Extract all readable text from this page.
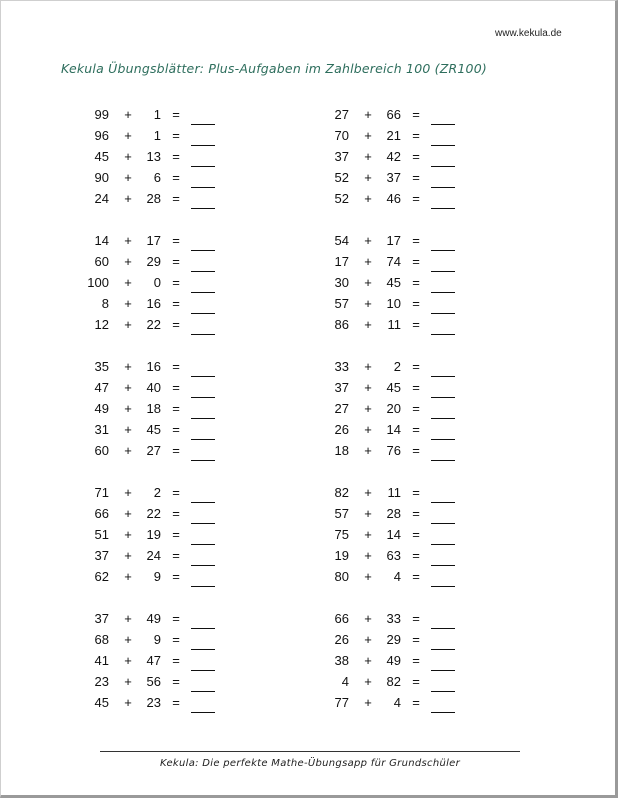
www.kekula.de
Kekula Übungsblätter: Plus-Aufgaben im Zahlbereich 100 (ZR100)
99 +	1 =
96 +	1 =
45 +	13 =
90 +	6 =
24 +	28 =
14 +	17 =
60 +	29 =
100 +	0 =
8 +	16 =
12 +	22 =
35 +	16 =
47 +	40 =
49 +	18 =
31 +	45 =
60 +	27 =
71 +	2 =
66 +	22 =
51 +	19 =
37 +	24 =
62 +	9 =
37 +	49 =
68 +	9 =
41 +	47 =
23 +	56 =
45 +	23 =
27 +	66 =
70 +	21 =
37 +	42 =
52 +	37 =
52 +	46 =
54 +	17 =
17 +	74 =
30 +	45 =
57 +	10 =
86 +	11 =
33 +	2 =
37 +	45 =
27 +	20 =
26 +	14 =
18 +	76 =
82 +	11 =
57 +	28 =
75 +	14 =
19 +	63 =
80 +	4 =
66 +	33 =
26 +	29 =
38 +	49 =
4 +	82 =
77 +	4 =
Kekula: Die perfekte Mathe-Übungsapp für Grundschüler
